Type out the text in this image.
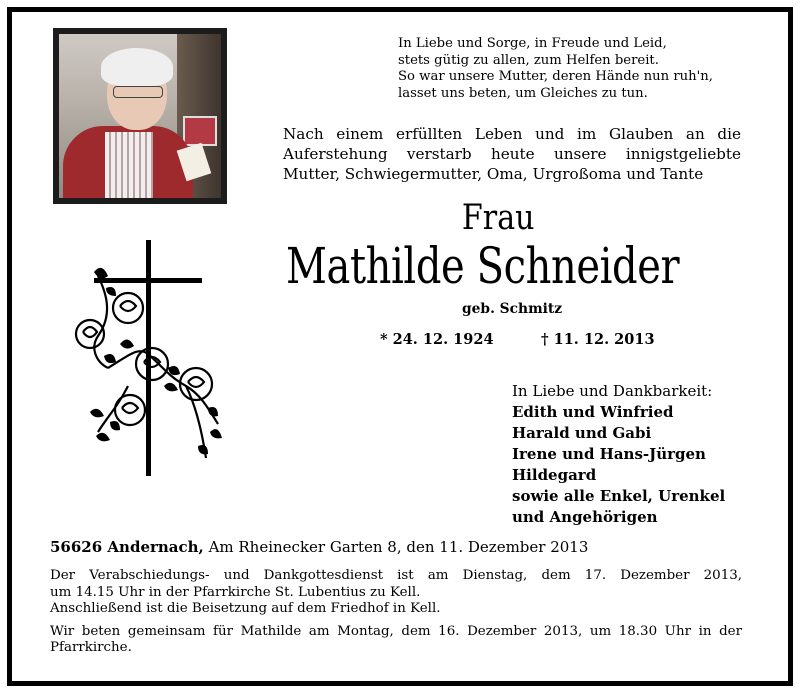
In Liebe und Sorge, in Freude und Leid,
stets gütig zu allen, zum Helfen bereit.
So war unsere Mutter, deren Hände nun ruh'n,
lasset uns beten, um Gleiches zu tun.
Nach einem erfüllten Leben und im Glauben an die
Auferstehung verstarb heute unsere innigstgeliebte
Mutter, Schwiegermutter, Oma, Urgroßoma und Tante
Frau
Mathilde Schneider
geb. Schmitz
* 24. 12. 1924	† 11. 12. 2013
In Liebe und Dankbarkeit:
Edith und Winfried
Harald und Gabi
Irene und Hans-Jürgen
Hildegard
sowie alle Enkel, Urenkel
und Angehörigen
56626 Andernach, Am Rheinecker Garten 8, den 11. Dezember 2013

Der Verabschiedungs- und Dankgottesdienst ist am Dienstag, dem 17. Dezember 2013,

um 14.15 Uhr in der Pfarrkirche St. Lubentius zu Kell.

Anschließend ist die Beisetzung auf dem Friedhof in Kell.

Wir beten gemeinsam für Mathilde am Montag, dem 16. Dezember 2013, um 18.30 Uhr in der

Pfarrkirche.
